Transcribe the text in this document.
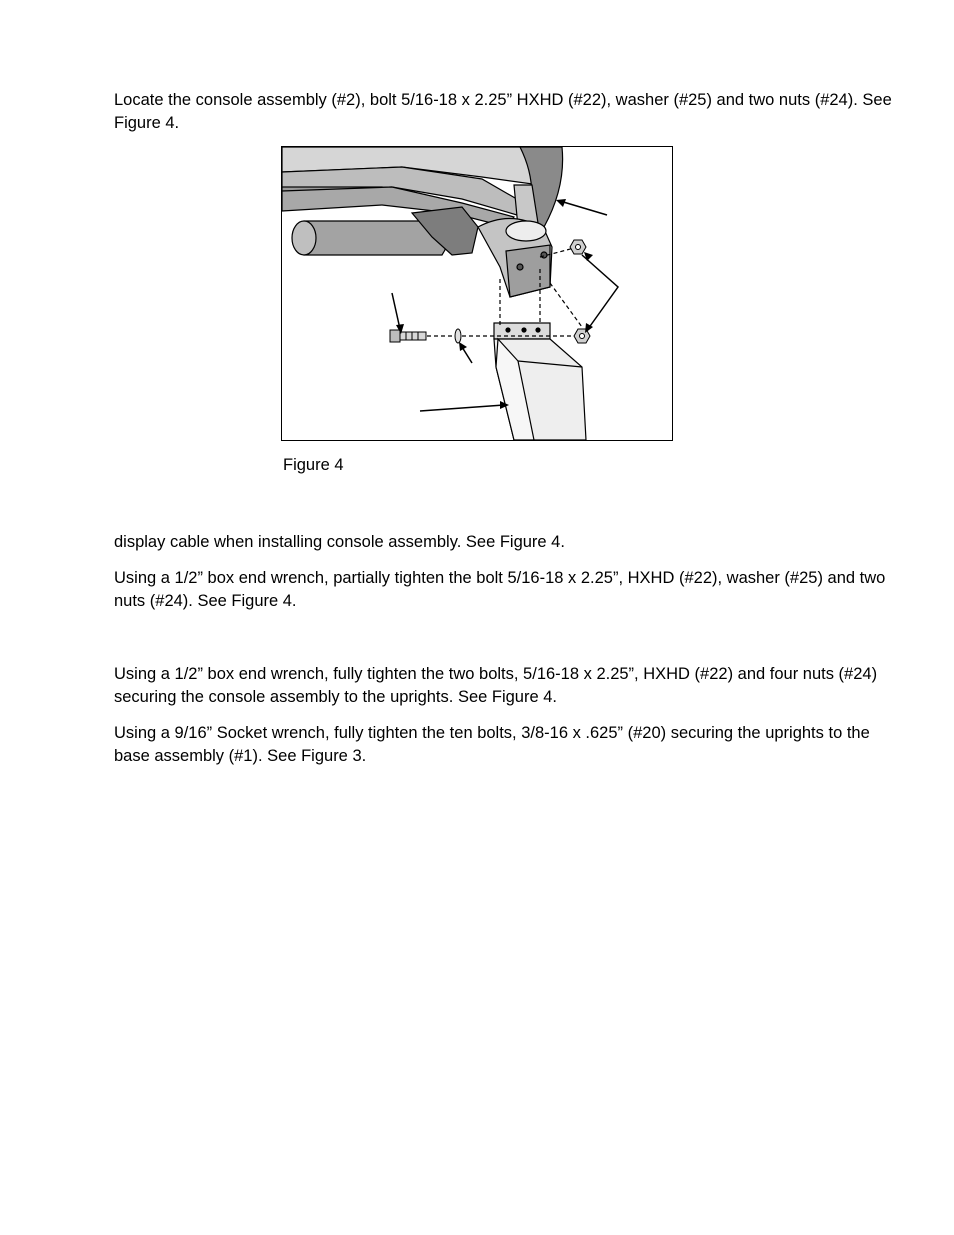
Locate the console assembly (#2), bolt 5/16-18 x 2.25” HXHD (#22), washer (#25) and two nuts (#24). See Figure 4.

Figure 4

display cable when installing console assembly. See Figure 4.

Using a 1/2” box end wrench, partially tighten the bolt 5/16-18 x 2.25”, HXHD (#22), washer (#25) and two nuts (#24). See Figure 4.

Using a 1/2” box end wrench, fully tighten the two bolts, 5/16-18 x 2.25”, HXHD (#22) and four nuts (#24) securing the console assembly to the uprights. See Figure 4.

Using a 9/16” Socket wrench, fully tighten the ten bolts, 3/8-16 x .625” (#20) securing the uprights to the base assembly (#1). See Figure 3.
